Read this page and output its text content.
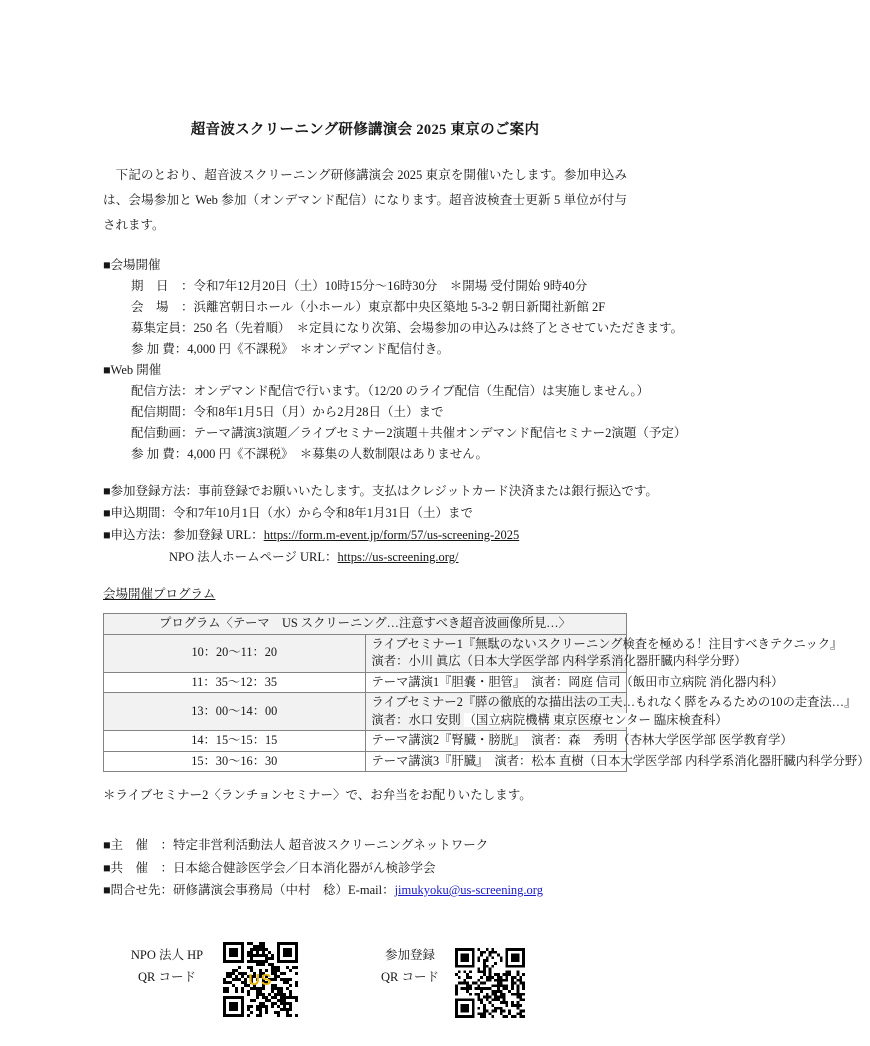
超音波スクリーニング研修講演会 2025 東京のご案内
　下記のとおり、超音波スクリーニング研修講演会 2025 東京を開催いたします。参加申込みは、会場参加と Web 参加（オンデマンド配信）になります。超音波検査士更新 5 単位が付与されます。
■会場開催
期　日　：令和7年12月20日（土）10時15分～16時30分　＊開場 受付開始 9時40分
会　場　：浜離宮朝日ホール（小ホール）東京都中央区築地 5-3-2 朝日新聞社新館 2F
募集定員：250 名（先着順）　＊定員になり次第、会場参加の申込みは終了とさせていただきます。
参 加 費：4,000 円《不課税》　＊オンデマンド配信付き。
■Web 開催
配信方法：オンデマンド配信で行います。（12/20 のライブ配信（生配信）は実施しません。）
配信期間：令和8年1月5日（月）から2月28日（土）まで
配信動画：テーマ講演3演題／ライブセミナー2演題＋共催オンデマンド配信セミナー2演題（予定）
参 加 費：4,000 円《不課税》　＊募集の人数制限はありません。
■参加登録方法：事前登録でお願いいたします。支払はクレジットカード決済または銀行振込です。
■申込期間：令和7年10月1日（水）から令和8年1月31日（土）まで
■申込方法：参加登録 URL：https://form.m-event.jp/form/57/us-screening-2025
NPO 法人ホームページ URL：https://us-screening.org/
会場開催プログラム
プログラム〈テーマ　US スクリーニング…注意すべき超音波画像所見…〉	
10：20～11：20	ライブセミナー1『無駄のないスクリーニング検査を極める！注目すべきテクニック』
演者：小川 眞広（日本大学医学部 内科学系消化器肝臓内科学分野）

11：35～12：35	テーマ講演1『胆嚢・胆管』　演者：岡庭 信司（飯田市立病院 消化器内科）

13：00～14：00	ライブセミナー2『膵の徹底的な描出法の工夫…もれなく膵をみるための10の走査法…』
演者：水口 安則 （国立病院機構 東京医療センター 臨床検査科）

14：15～15：15	テーマ講演2『腎臓・膀胱』　演者：森　秀明（杏林大学医学部 医学教育学）

15：30～16：30	テーマ講演3『肝臓』　演者：松本 直樹（日本大学医学部 内科学系消化器肝臓内科学分野）
＊ライブセミナー2〈ランチョンセミナー〉で、お弁当をお配りいたします。
■主　催　：特定非営利活動法人 超音波スクリーニングネットワーク
■共　催　：日本総合健診医学会／日本消化器がん検診学会
■問合せ先：研修講演会事務局（中村　稔）E-mail：jimukyoku@us-screening.org
NPO 法人 HP
QR コード	US
参加登録
QR コード
